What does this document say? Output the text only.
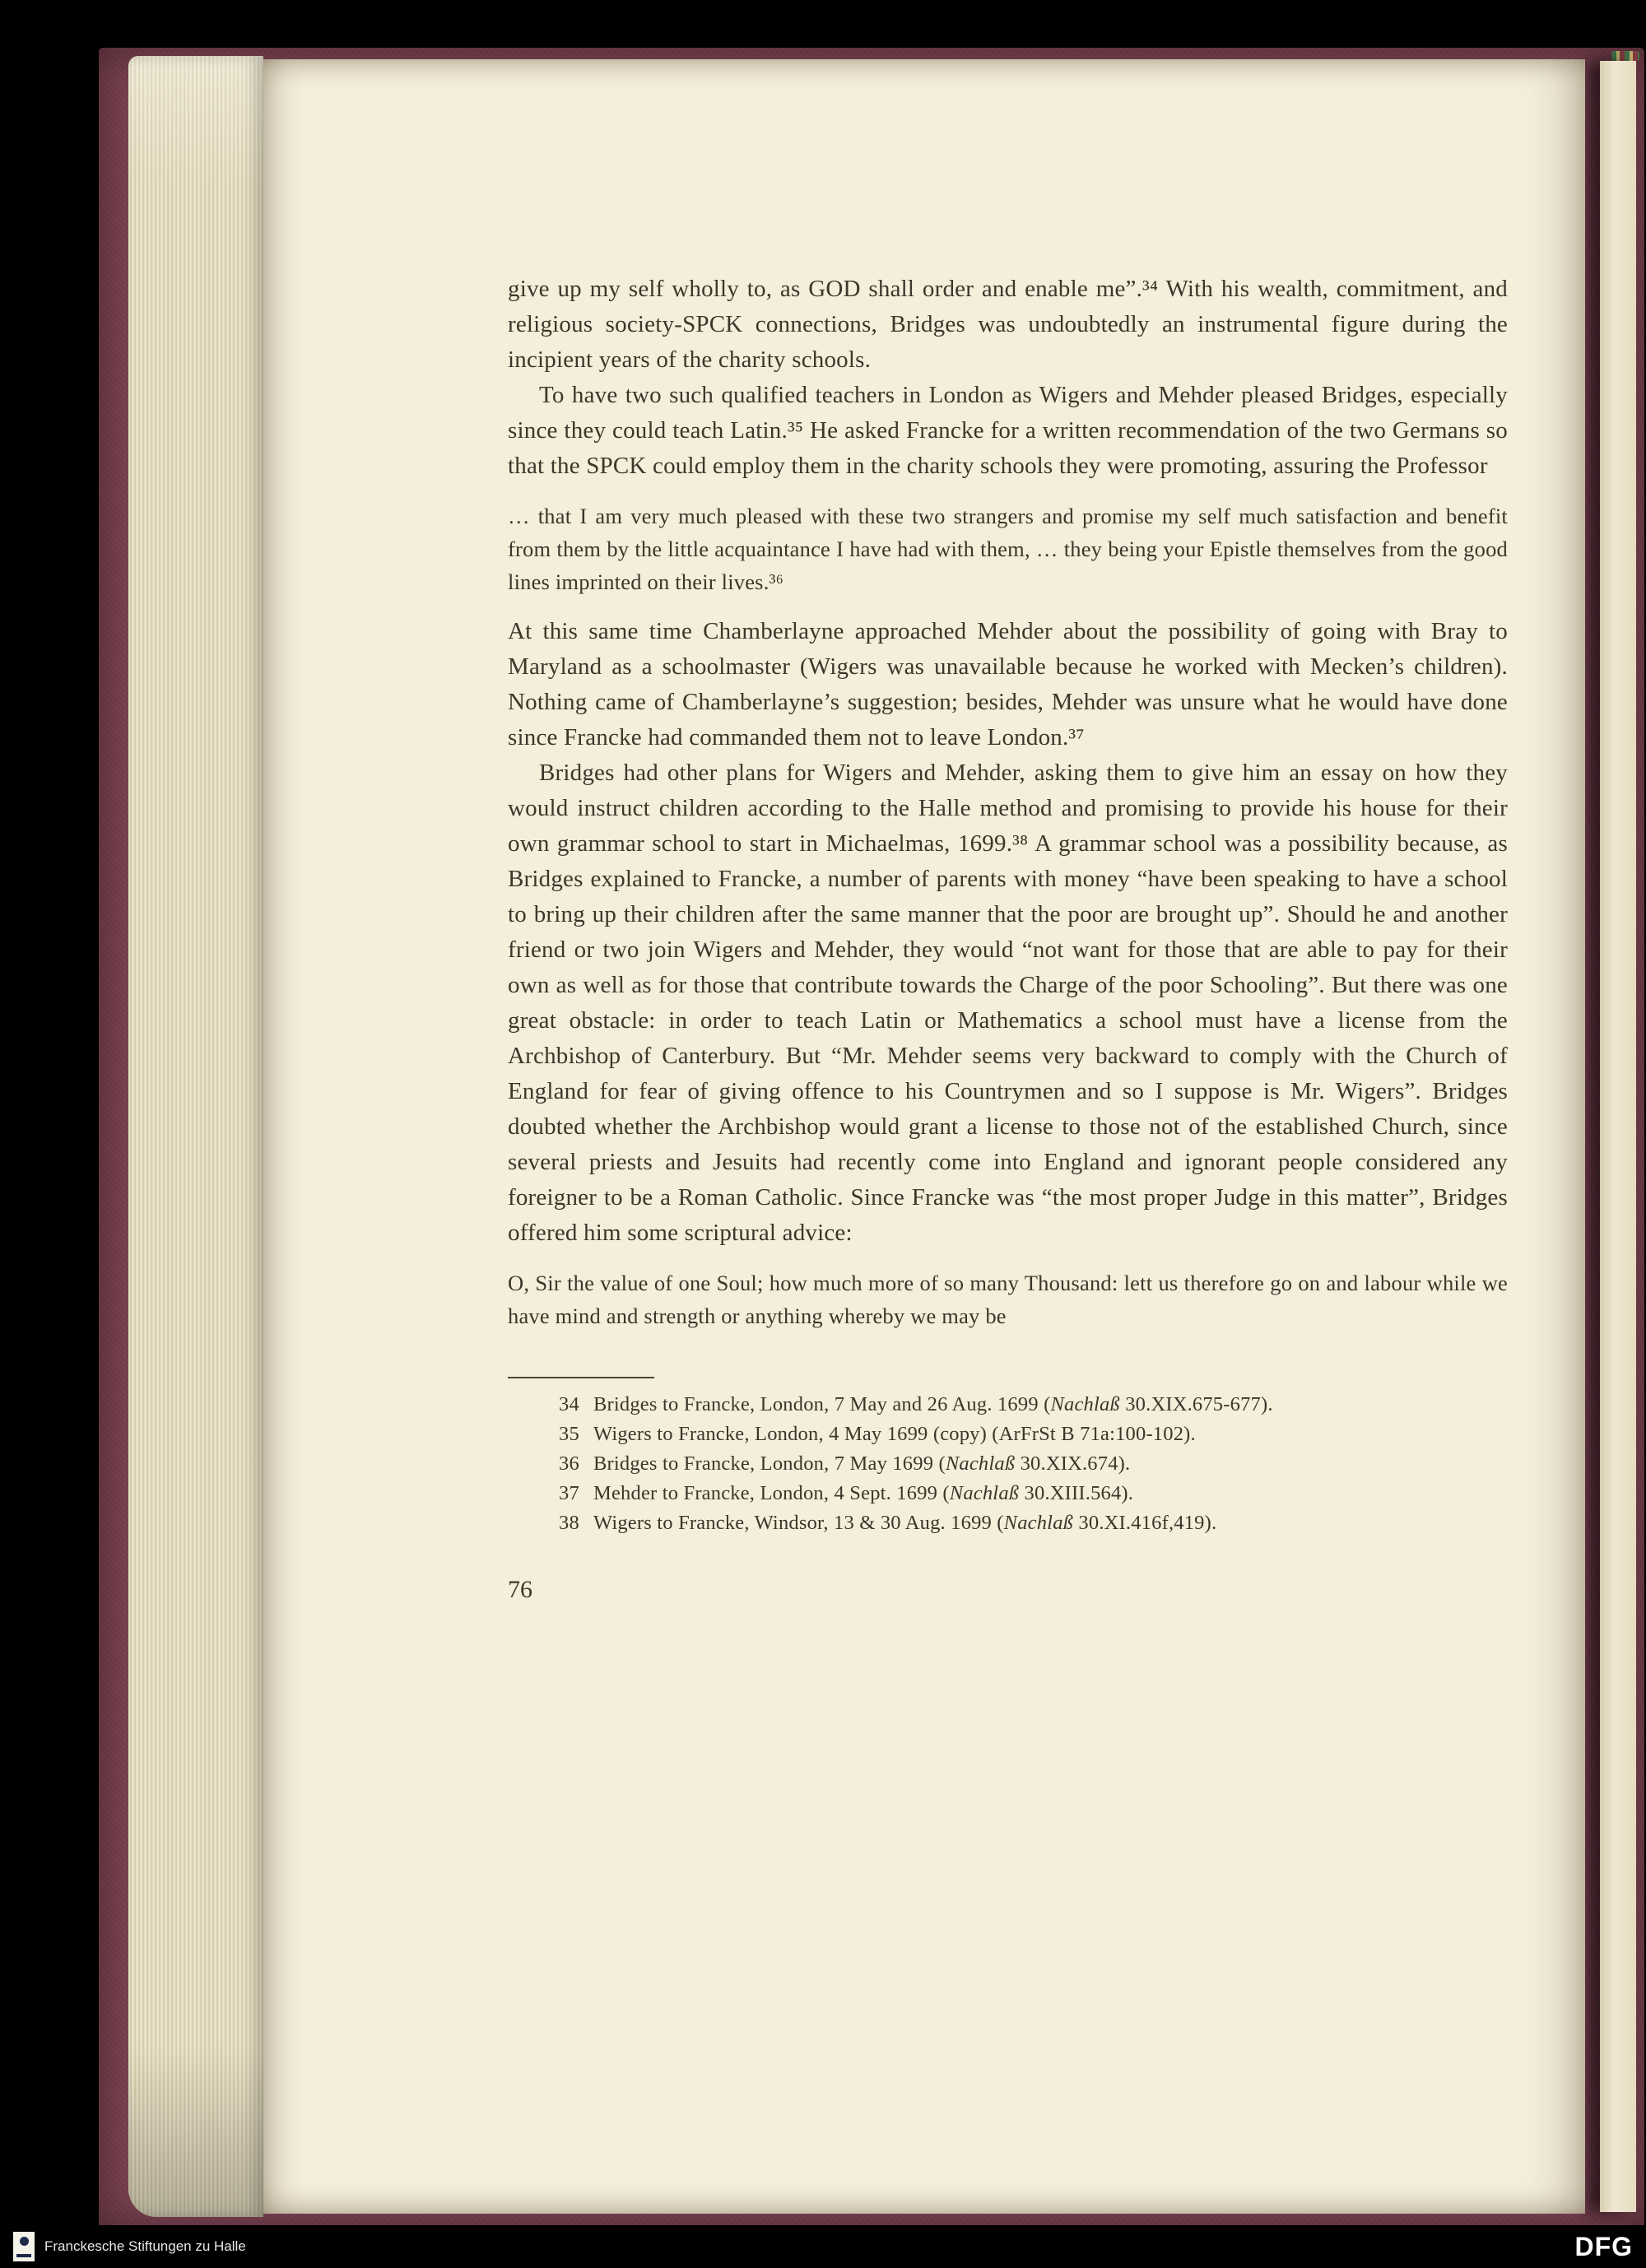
give up my self wholly to, as GOD shall order and enable me”.³⁴ With his wealth, commitment, and religious society-SPCK connections, Bridges was undoubtedly an instrumental figure during the incipient years of the charity schools.

To have two such qualified teachers in London as Wigers and Mehder pleased Bridges, especially since they could teach Latin.³⁵ He asked Francke for a written recommendation of the two Germans so that the SPCK could employ them in the charity schools they were promoting, assuring the Professor

… that I am very much pleased with these two strangers and promise my self much satisfaction and benefit from them by the little acquaintance I have had with them, … they being your Epistle themselves from the good lines imprinted on their lives.³⁶

At this same time Chamberlayne approached Mehder about the possibility of going with Bray to Maryland as a schoolmaster (Wigers was unavailable because he worked with Mecken’s children). Nothing came of Chamberlayne’s suggestion; besides, Mehder was unsure what he would have done since Francke had commanded them not to leave London.³⁷

Bridges had other plans for Wigers and Mehder, asking them to give him an essay on how they would instruct children according to the Halle method and promising to provide his house for their own grammar school to start in Michaelmas, 1699.³⁸ A grammar school was a possibility because, as Bridges explained to Francke, a number of parents with money “have been speaking to have a school to bring up their children after the same manner that the poor are brought up”. Should he and another friend or two join Wigers and Mehder, they would “not want for those that are able to pay for their own as well as for those that contribute towards the Charge of the poor Schooling”. But there was one great obstacle: in order to teach Latin or Mathematics a school must have a license from the Archbishop of Canterbury. But “Mr. Mehder seems very backward to comply with the Church of England for fear of giving offence to his Countrymen and so I suppose is Mr. Wigers”. Bridges doubted whether the Archbishop would grant a license to those not of the established Church, since several priests and Jesuits had recently come into England and ignorant people considered any foreigner to be a Roman Catholic. Since Francke was “the most proper Judge in this matter”, Bridges offered him some scriptural advice:

O, Sir the value of one Soul; how much more of so many Thousand: lett us therefore go on and labour while we have mind and strength or anything whereby we may be

34 Bridges to Francke, London, 7 May and 26 Aug. 1699 (Nachlaß 30.XIX.675-677).
35 Wigers to Francke, London, 4 May 1699 (copy) (ArFrSt B 71a:100-102).
36 Bridges to Francke, London, 7 May 1699 (Nachlaß 30.XIX.674).
37 Mehder to Francke, London, 4 Sept. 1699 (Nachlaß 30.XIII.564).
38 Wigers to Francke, Windsor, 13 & 30 Aug. 1699 (Nachlaß 30.XI.416f,419).
76
Franckesche Stiftungen zu Halle	DFG
